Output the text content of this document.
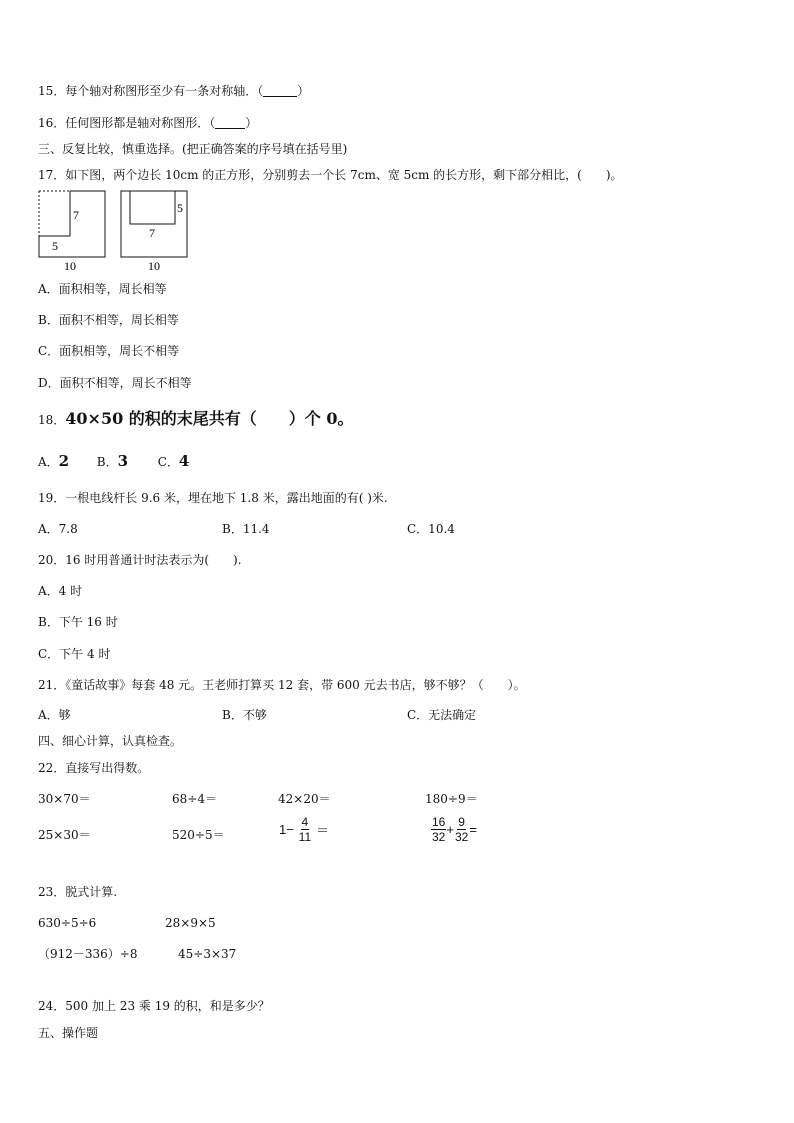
15．每个轴对称图形至少有一条对称轴．（	）
16．任何图形都是轴对称图形．（	）
三、反复比较，慎重选择。(把正确答案的序号填在括号里)
17．如下图，两个边长 10cm 的正方形，分别剪去一个长 7cm、宽 5cm 的长方形，剩下部分相比，(　　)。
7
5
10
5
7
10
A．面积相等，周长相等
B．面积不相等，周长相等
C．面积相等，周长不相等
D．面积不相等，周长不相等
18．40×50 的积的末尾共有（　　）个 0。
A．2 B．3 C．4
19．一根电线杆长 9.6 米，埋在地下 1.8 米，露出地面的有( )米.
A．7.8	B．11.4	C．10.4
20．16 时用普通计时法表示为(　　).
A．4 时
B．下午 16 时
C．下午 4 时
21．《童话故事》每套 48 元。王老师打算买 12 套，带 600 元去书店，够不够？（　　）。
A．够	B．不够	C．无法确定
四、细心计算，认真检查。
22．直接写出得数。
30×70＝	68÷4＝	42×20＝	180÷9＝
25×30＝	520÷5＝	$1- \frac{4}{11}$ ＝	$\frac{16}{32} + \frac{9}{32}$ =
23．脱式计算.
630÷5÷6	28×9×5
（912－336）÷8	45÷3×37
24．500 加上 23 乘 19 的积，和是多少？
五、操作题
